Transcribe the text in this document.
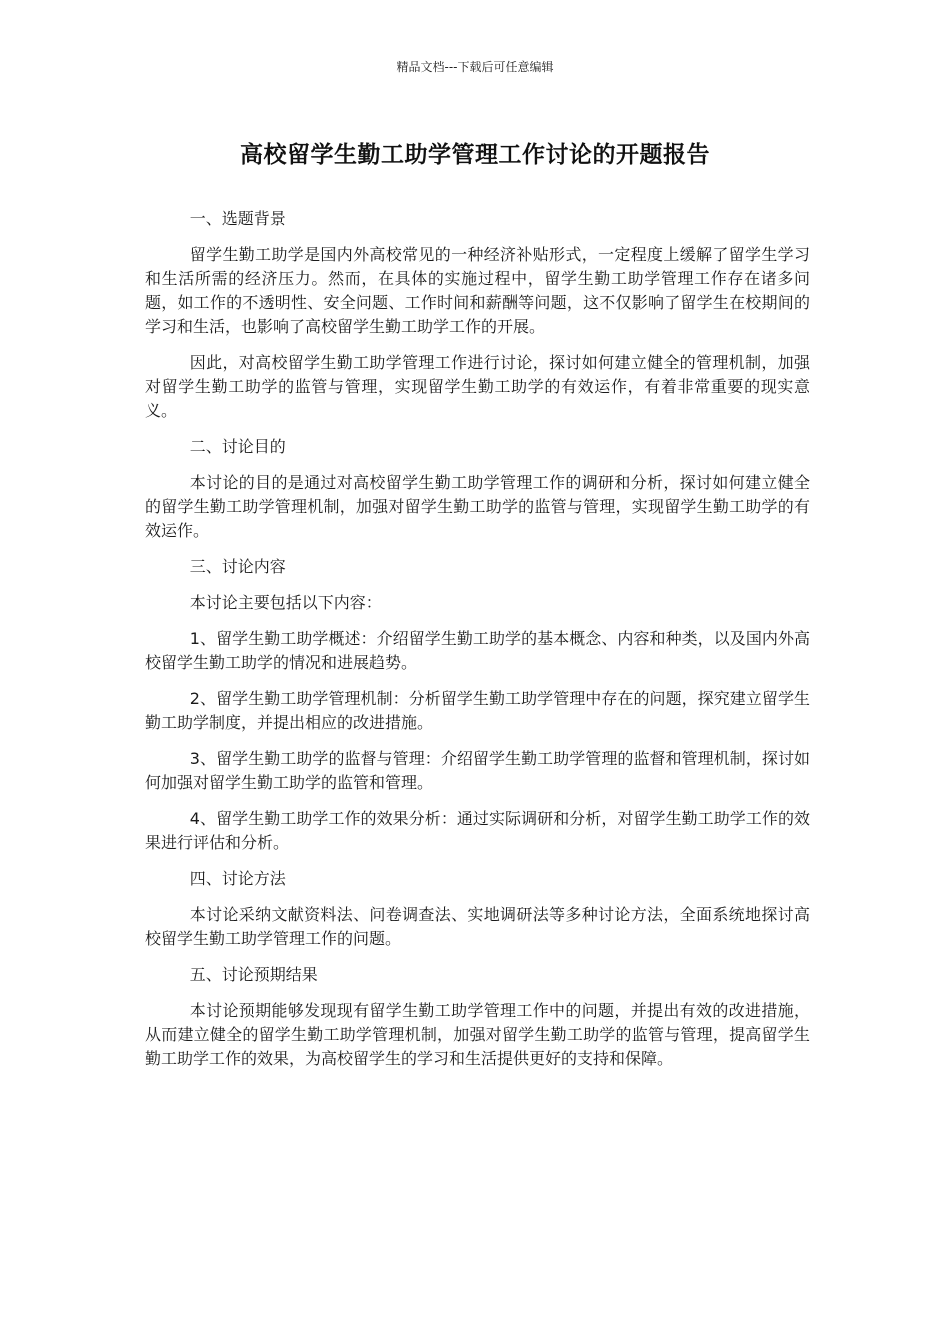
精品文档---下载后可任意编辑
高校留学生勤工助学管理工作讨论的开题报告
一、选题背景

留学生勤工助学是国内外高校常见的一种经济补贴形式，一定程度上缓解了留学生学习和生活所需的经济压力。然而，在具体的实施过程中，留学生勤工助学管理工作存在诸多问题，如工作的不透明性、安全问题、工作时间和薪酬等问题，这不仅影响了留学生在校期间的学习和生活，也影响了高校留学生勤工助学工作的开展。

因此，对高校留学生勤工助学管理工作进行讨论，探讨如何建立健全的管理机制，加强对留学生勤工助学的监管与管理，实现留学生勤工助学的有效运作，有着非常重要的现实意义。

二、讨论目的

本讨论的目的是通过对高校留学生勤工助学管理工作的调研和分析，探讨如何建立健全的留学生勤工助学管理机制，加强对留学生勤工助学的监管与管理，实现留学生勤工助学的有效运作。

三、讨论内容

本讨论主要包括以下内容：

1、留学生勤工助学概述：介绍留学生勤工助学的基本概念、内容和种类，以及国内外高校留学生勤工助学的情况和进展趋势。

2、留学生勤工助学管理机制：分析留学生勤工助学管理中存在的问题，探究建立留学生勤工助学制度，并提出相应的改进措施。

3、留学生勤工助学的监督与管理：介绍留学生勤工助学管理的监督和管理机制，探讨如何加强对留学生勤工助学的监管和管理。

4、留学生勤工助学工作的效果分析：通过实际调研和分析，对留学生勤工助学工作的效果进行评估和分析。

四、讨论方法

本讨论采纳文献资料法、问卷调查法、实地调研法等多种讨论方法，全面系统地探讨高校留学生勤工助学管理工作的问题。

五、讨论预期结果

本讨论预期能够发现现有留学生勤工助学管理工作中的问题，并提出有效的改进措施，从而建立健全的留学生勤工助学管理机制，加强对留学生勤工助学的监管与管理，提高留学生勤工助学工作的效果，为高校留学生的学习和生活提供更好的支持和保障。
